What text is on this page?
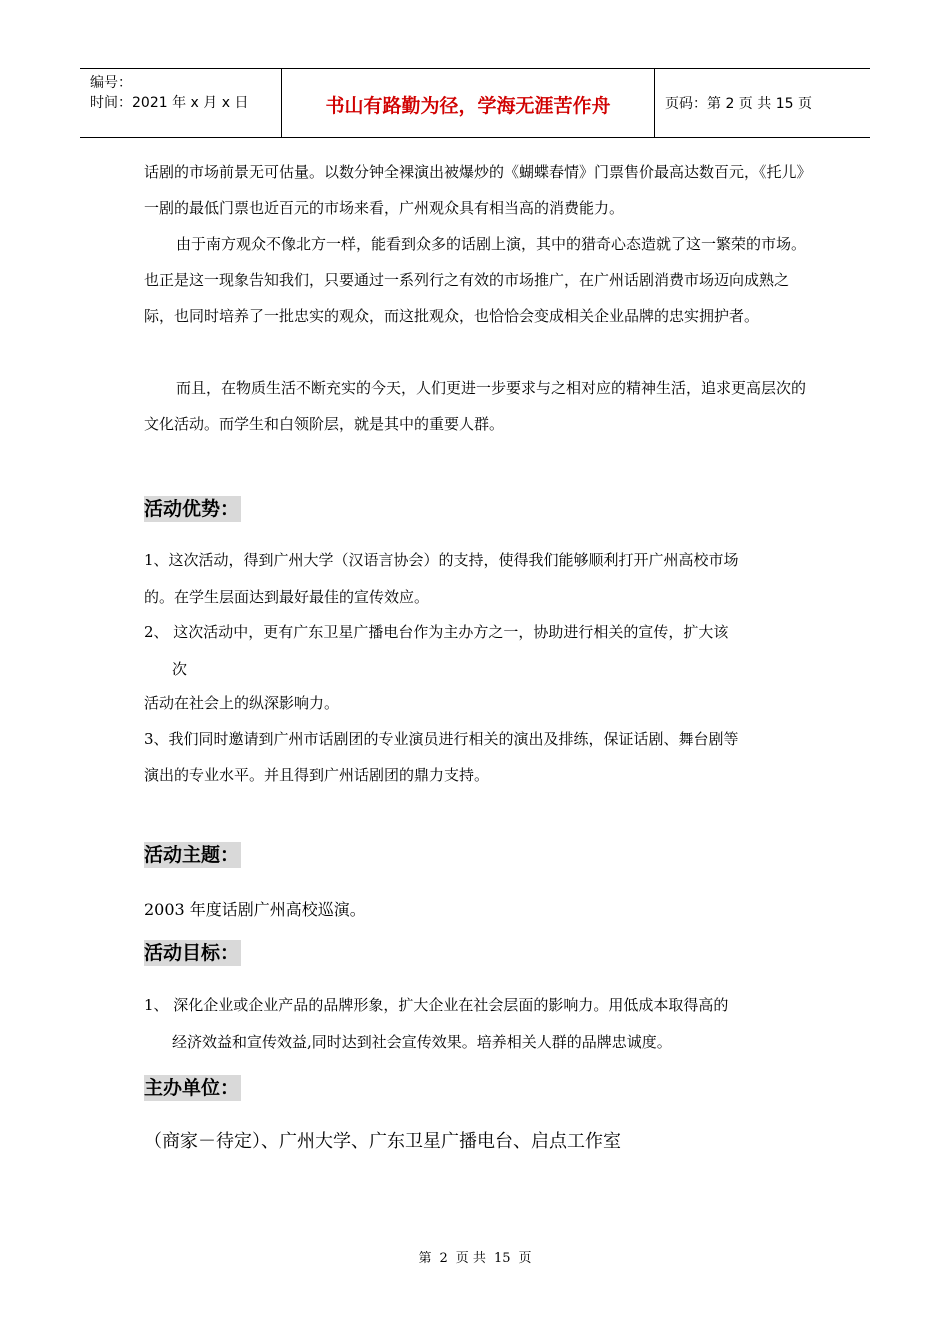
编号：
时间：2021 年 x 月 x 日	书山有路勤为径，学海无涯苦作舟	页码：第 2 页 共 15 页

话剧的市场前景无可估量。以数分钟全裸演出被爆炒的《蝴蝶春情》门票售价最高达数百元，《托儿》一剧的最低门票也近百元的市场来看，广州观众具有相当高的消费能力。

由于南方观众不像北方一样，能看到众多的话剧上演，其中的猎奇心态造就了这一繁荣的市场。也正是这一现象告知我们，只要通过一系列行之有效的市场推广，在广州话剧消费市场迈向成熟之际，也同时培养了一批忠实的观众，而这批观众，也恰恰会变成相关企业品牌的忠实拥护者。

而且，在物质生活不断充实的今天，人们更进一步要求与之相对应的精神生活，追求更高层次的文化活动。而学生和白领阶层，就是其中的重要人群。

活动优势：
1、这次活动，得到广州大学（汉语言协会）的支持，使得我们能够顺利打开广州高校市场
的。在学生层面达到最好最佳的宣传效应。
2、 这次活动中，更有广东卫星广播电台作为主办方之一，协助进行相关的宣传，扩大该
次
活动在社会上的纵深影响力。
3、我们同时邀请到广州市话剧团的专业演员进行相关的演出及排练，保证话剧、舞台剧等
演出的专业水平。并且得到广州话剧团的鼎力支持。
活动主题：
2003 年度话剧广州高校巡演。
活动目标：
1、 深化企业或企业产品的品牌形象，扩大企业在社会层面的影响力。用低成本取得高的
经济效益和宣传效益,同时达到社会宣传效果。培养相关人群的品牌忠诚度。
主办单位：
（商家－待定）、广州大学、广东卫星广播电台、启点工作室
第 2 页 共 15 页
